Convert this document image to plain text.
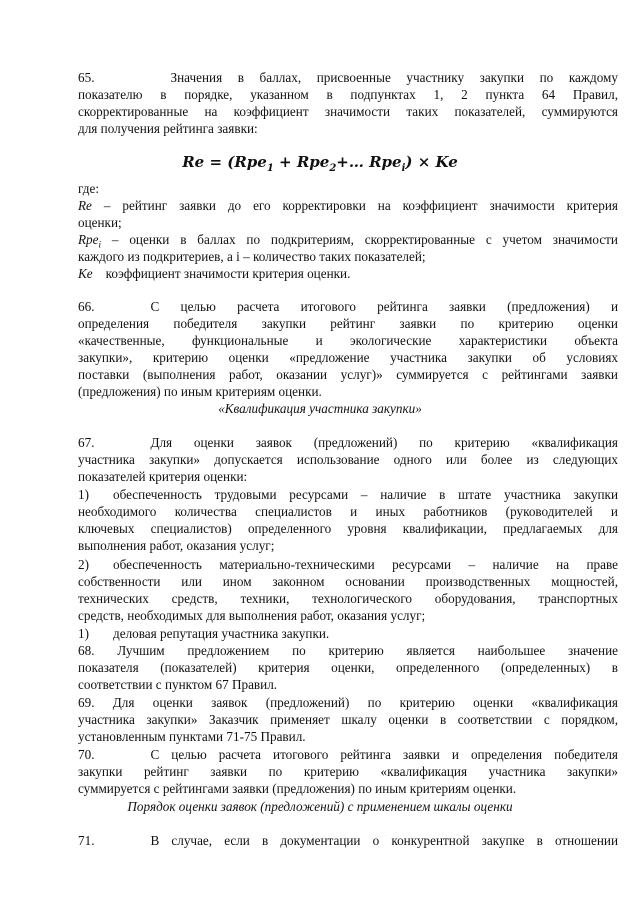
65.	Значения в баллах, присвоенные участнику закупки по каждому

показателю в порядке, указанном в подпунктах 1, 2 пункта 64 Правил,

скорректированные на коэффициент значимости таких показателей, суммируются

для получения рейтинга заявки:

Re = (Rpe$_1$ + Rpe$_2$+… Rpe$_i$) × Ke

где:

Re – рейтинг заявки до его корректировки на коэффициент значимости критерия

оценки;

Rpe$_i$ – оценки в баллах по подкритериям, скорректированные с учетом значимости

каждого из подкритериев, а i – количество таких показателей;

Ke коэффициент значимости критерия оценки.

66.	С целью расчета итогового рейтинга заявки (предложения) и

определения победителя закупки рейтинг заявки по критерию оценки

«качественные, функциональные и экологические характеристики объекта

закупки», критерию оценки «предложение участника закупки об условиях

поставки (выполнения работ, оказании услуг)» суммируется с рейтингами заявки

(предложения) по иным критериям оценки.

«Квалификация участника закупки»

67.	Для оценки заявок (предложений) по критерию «квалификация

участника закупки» допускается использование одного или более из следующих

показателей критерия оценки:

1) обеспеченность трудовыми ресурсами – наличие в штате участника закупки

необходимого количества специалистов и иных работников (руководителей и

ключевых специалистов) определенного уровня квалификации, предлагаемых для

выполнения работ, оказания услуг;

2) обеспеченность материально-техническими ресурсами – наличие на праве

собственности или ином законном основании производственных мощностей,

технических средств, техники, технологического оборудования, транспортных

средств, необходимых для выполнения работ, оказания услуг;

1) деловая репутация участника закупки.

68. Лучшим предложением по критерию является наибольшее значение

показателя (показателей) критерия оценки, определенного (определенных) в

соответствии с пунктом 67 Правил.

69. Для оценки заявок (предложений) по критерию оценки «квалификация

участника закупки» Заказчик применяет шкалу оценки в соответствии с порядком,

установленным пунктами 71-75 Правил.

70.	С целью расчета итогового рейтинга заявки и определения победителя

закупки рейтинг заявки по критерию «квалификация участника закупки»

суммируется с рейтингами заявки (предложения) по иным критериям оценки.

Порядок оценки заявок (предложений) с применением шкалы оценки

71.	В случае, если в документации о конкурентной закупке в отношении
